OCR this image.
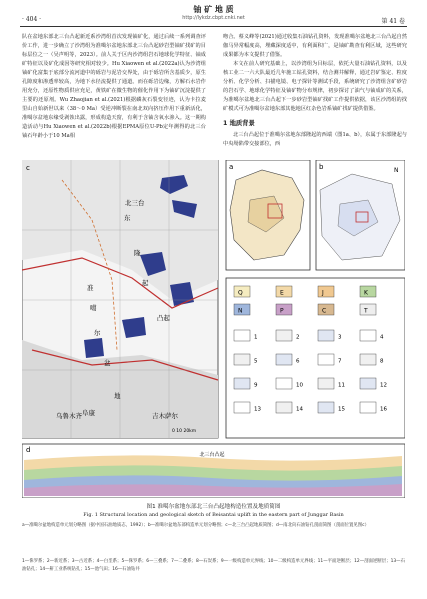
铀 矿 地 质
http://lykdz.cbpt.cnki.net
· 404 ·	第 41 卷

队在盆地东部北三台凸起新近系沙湾组首次发现铀矿化，通过后续一系列调查评价工作，进一步确立了沙湾组为准噶尔盆地东部北三台凸起砂岩型铀矿找矿的目标层位之一（吴声明等，2023）。前人关于区内沙湾组岩石地球化学特征、铀成矿特征以及矿化成因等研究相对较少。Hu Xiaowen et al.(2022a)认为沙湾组铀矿化富集于底部分流河道中的砾岩与泥岩交界处，由于砾岩所含基质少，原生孔隙度和渗透率较高，为地下水径流提供了通道。而在砾岩边缘，方解石水岩作用充分，还原性物质供应充足，黄铁矿在微生物的催化作用下为铀矿沉淀提供了主要的还原剂。Wu Zhaojian et al.(2021)根据磷灰石裂变径迹，认为卡拉麦里山自始新世以来（38～0 Ma）受逆冲断裂在南北双向挤压作用下重新活化，准噶尔盆地东缘受剥蚀出露，形成构造天窗，有利于含铀含氧水渗入。这一期构造活动与Hu Xiaowen et al.(2022b)根据EPMA原位U-Pb定年测得的北三台铀石年龄小于10 Ma相

吻合。蔡义峰等(2021)通过收集石油钻孔资料，发现准噶尔盆地北三台凸起自然伽马异常幅度高，埋藏深度适中，有利面积广，是铀矿勘查有利区域，这些研究成果都为本文提供了借鉴。

本文在前人研究基础上，以沙湾组为目标层，依托大量石油钻孔资料，以及核工业二一六大队最近几年施工钻孔资料，结合测井解释，通过岩矿鉴定、粒度分析、化学分析、扫描电镜、电子探针等测试手段，系统研究了沙湾组含矿砂岩的岩石学、地球化学特征及铀矿物分布规律，初步探讨了油气与铀成矿的关系，为准噶尔盆地北三台凸起下一步砂岩型铀矿找矿工作提供依据，该区沙湾组的找矿模式可为准噶尔盆地东部其他地区红杂色岩系铀矿找矿提供借鉴。

1 地质背景

北三台凸起位于准噶尔盆地东部隆起的西端（图1a、b），东属于东部隆起与中央坳陷带交接部位，西

东
隆
起
北三台
准
噶
尔
盆
地
凸起
阜康
乌鲁木齐	吉木萨尔
c	a	b	N
Q	E	J	K
N	P	C	T
1	2	3	4
5	6	7	8
9	10	11	12
13	14	15	16
北三台凸起
d
0 10 20km
图1 准噶尔盆地东部北三台凸起地构造位置及地质简图
Fig. 1 Structural location and geological sketch of Beisantai uplift in the eastern part of Junggar Basin
a—准噶尔盆地构造单元划分略图（据中国石油地质志，1992）；b—准噶尔盆地东部构造单元划分略图；c—北三台凸起地质简图；d—南北向石油钻孔剖面简图（剖面位置见图c）
1—侏罗系；2—新近系；3—古近系；4—白垩系；5—侏罗系；6—三叠系；7—二叠系；8—石炭系；9—一级构造单元界线；10—二级构造单元界线；11—平面逆断层；12—剖面逆断层；13—石油钻孔；14—鼾工业系统钻孔；15—池气田；16—石油钻井
